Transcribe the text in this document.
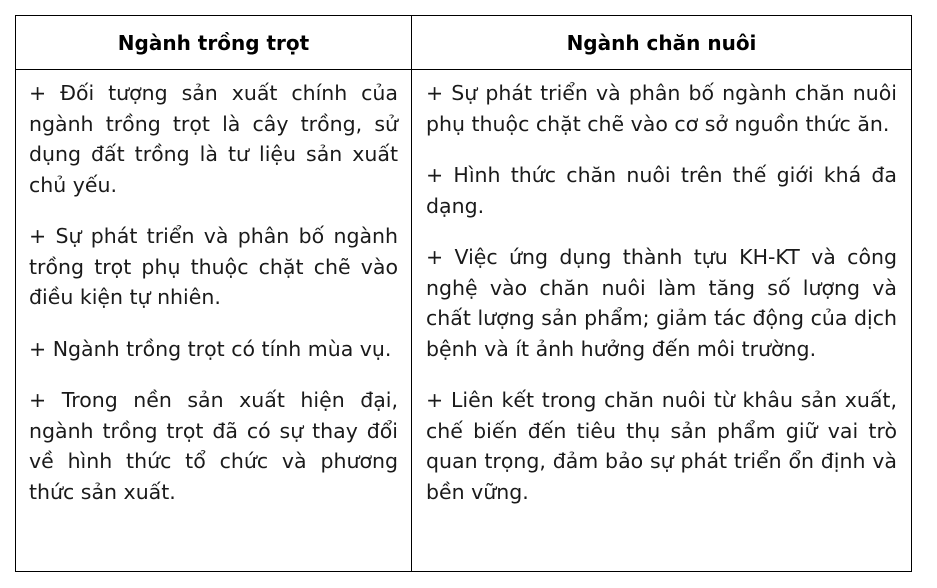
Ngành trồng trọt	Ngành chăn nuôi

+ Đối tượng sản xuất chính của ngành trồng trọt là cây trồng, sử dụng đất trồng là tư liệu sản xuất chủ yếu.

+ Sự phát triển và phân bố ngành trồng trọt phụ thuộc chặt chẽ vào điều kiện tự nhiên.

+ Ngành trồng trọt có tính mùa vụ.

+ Trong nền sản xuất hiện đại, ngành trồng trọt đã có sự thay đổi về hình thức tổ chức và phương thức sản xuất.

+ Sự phát triển và phân bố ngành chăn nuôi phụ thuộc chặt chẽ vào cơ sở nguồn thức ăn.

+ Hình thức chăn nuôi trên thế giới khá đa dạng.

+ Việc ứng dụng thành tựu KH-KT và công nghệ vào chăn nuôi làm tăng số lượng và chất lượng sản phẩm; giảm tác động của dịch bệnh và ít ảnh hưởng đến môi trường.

+ Liên kết trong chăn nuôi từ khâu sản xuất, chế biến đến tiêu thụ sản phẩm giữ vai trò quan trọng, đảm bảo sự phát triển ổn định và bền vững.
